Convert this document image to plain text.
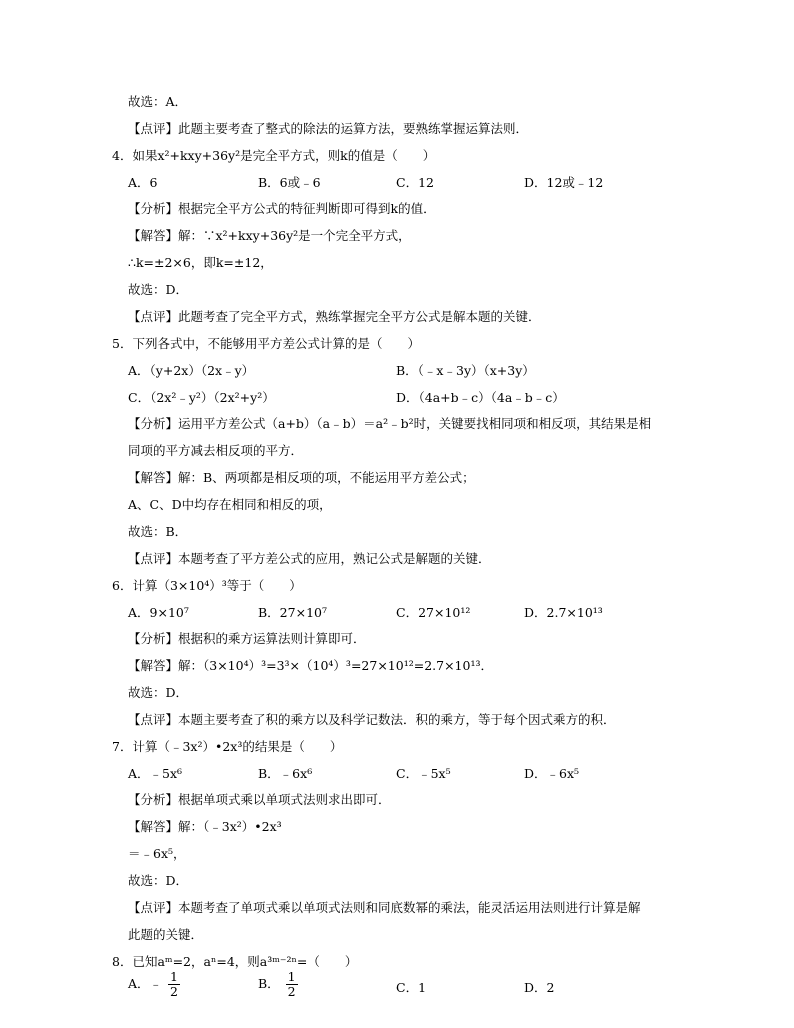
故选：A．
【点评】此题主要考查了整式的除法的运算方法，要熟练掌握运算法则．
4．如果x²+kxy+36y²是完全平方式，则k的值是（　　）
【分析】根据完全平方公式的特征判断即可得到k的值．
【解答】解：∵x²+kxy+36y²是一个完全平方式，
∴k=±2×6，即k=±12，
故选：D．
【点评】此题考查了完全平方式，熟练掌握完全平方公式是解本题的关键．
5．下列各式中，不能够用平方差公式计算的是（　　）
【分析】运用平方差公式（a+b）（a﹣b）＝a²﹣b²时，关键要找相同项和相反项，其结果是相
同项的平方减去相反项的平方．
【解答】解：B、两项都是相反项的项，不能运用平方差公式；
A、C、D中均存在相同和相反的项，
故选：B．
【点评】本题考查了平方差公式的应用，熟记公式是解题的关键．
6．计算（3×10⁴）³等于（　　）
【分析】根据积的乘方运算法则计算即可．
【解答】解：（3×10⁴）³=3³×（10⁴）³=27×10¹²=2.7×10¹³．
故选：D．
【点评】本题主要考查了积的乘方以及科学记数法．积的乘方，等于每个因式乘方的积．
7．计算（﹣3x²）•2x³的结果是（　　）
【分析】根据单项式乘以单项式法则求出即可．
【解答】解：（﹣3x²）•2x³
＝﹣6x⁵，
故选：D．
【点评】本题考查了单项式乘以单项式法则和同底数幂的乘法，能灵活运用法则进行计算是解
此题的关键．
8．已知aᵐ=2，aⁿ=4，则a³ᵐ⁻²ⁿ=（　　）
A．6	B．6或﹣6	C．12	D．12或﹣12
A．（y+2x）（2x﹣y）	B．（﹣x﹣3y）（x+3y）
C．（2x²﹣y²）（2x²+y²）	D．（4a+b﹣c）（4a﹣b﹣c）
A．9×10⁷	B．27×10⁷	C．27×10¹²	D．2.7×10¹³
A．﹣5x⁶	B．﹣6x⁶	C．﹣5x⁵	D．﹣6x⁵
A．﹣ $\frac{1}{2}$	B． $\frac{1}{2}$	C．1	D．2
